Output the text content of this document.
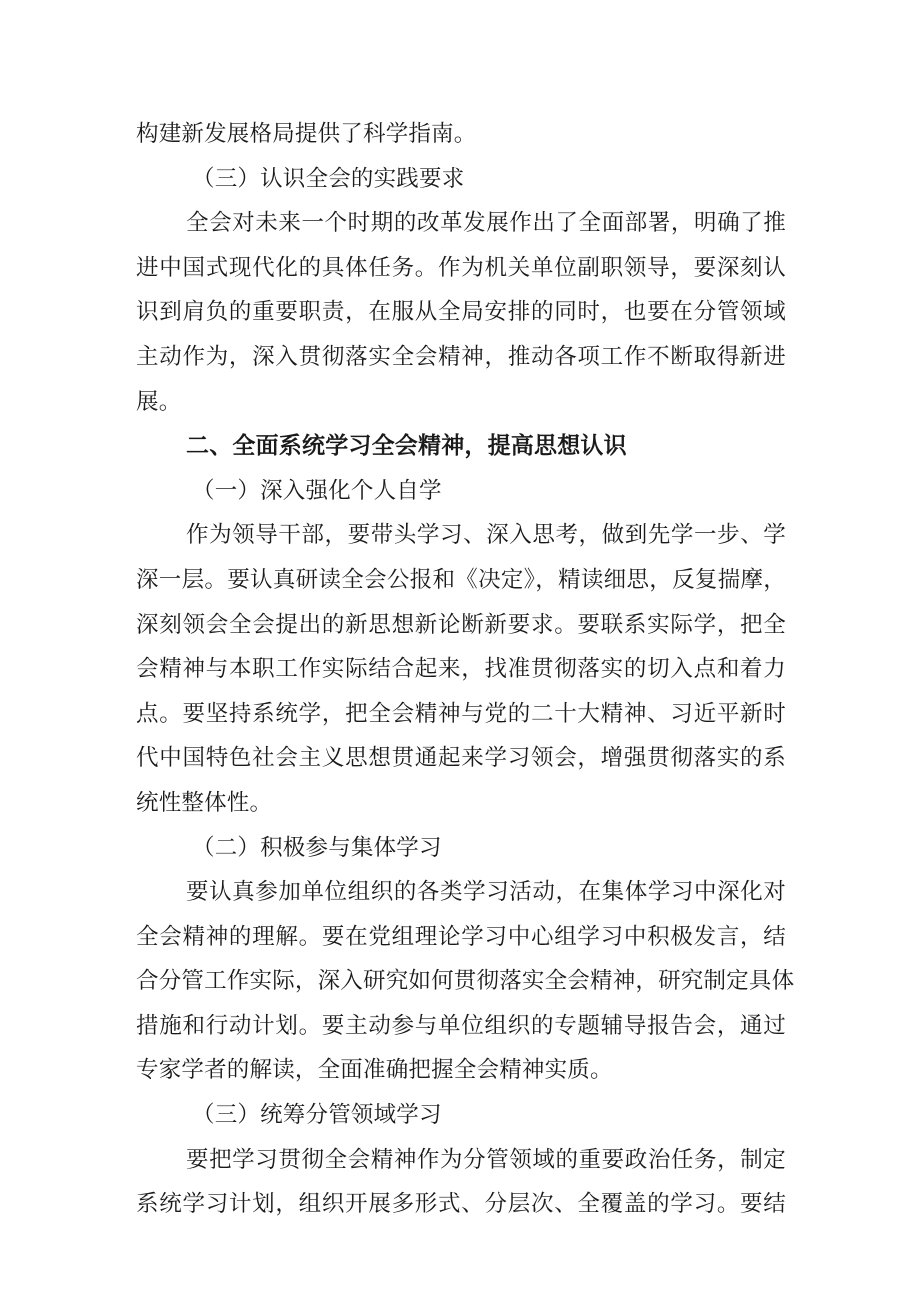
构建新发展格局提供了科学指南。
（三）认识全会的实践要求
全会对未来一个时期的改革发展作出了全面部署，明确了推
进中国式现代化的具体任务。作为机关单位副职领导，要深刻认
识到肩负的重要职责，在服从全局安排的同时，也要在分管领域
主动作为，深入贯彻落实全会精神，推动各项工作不断取得新进
展。
二、全面系统学习全会精神，提高思想认识
（一）深入强化个人自学
作为领导干部，要带头学习、深入思考，做到先学一步、学
深一层。要认真研读全会公报和《决定》，精读细思，反复揣摩，
深刻领会全会提出的新思想新论断新要求。要联系实际学，把全
会精神与本职工作实际结合起来，找准贯彻落实的切入点和着力
点。要坚持系统学，把全会精神与党的二十大精神、习近平新时
代中国特色社会主义思想贯通起来学习领会，增强贯彻落实的系
统性整体性。
（二）积极参与集体学习
要认真参加单位组织的各类学习活动，在集体学习中深化对
全会精神的理解。要在党组理论学习中心组学习中积极发言，结
合分管工作实际，深入研究如何贯彻落实全会精神，研究制定具体
措施和行动计划。要主动参与单位组织的专题辅导报告会，通过
专家学者的解读，全面准确把握全会精神实质。
（三）统筹分管领域学习
要把学习贯彻全会精神作为分管领域的重要政治任务，制定
系统学习计划，组织开展多形式、分层次、全覆盖的学习。要结
